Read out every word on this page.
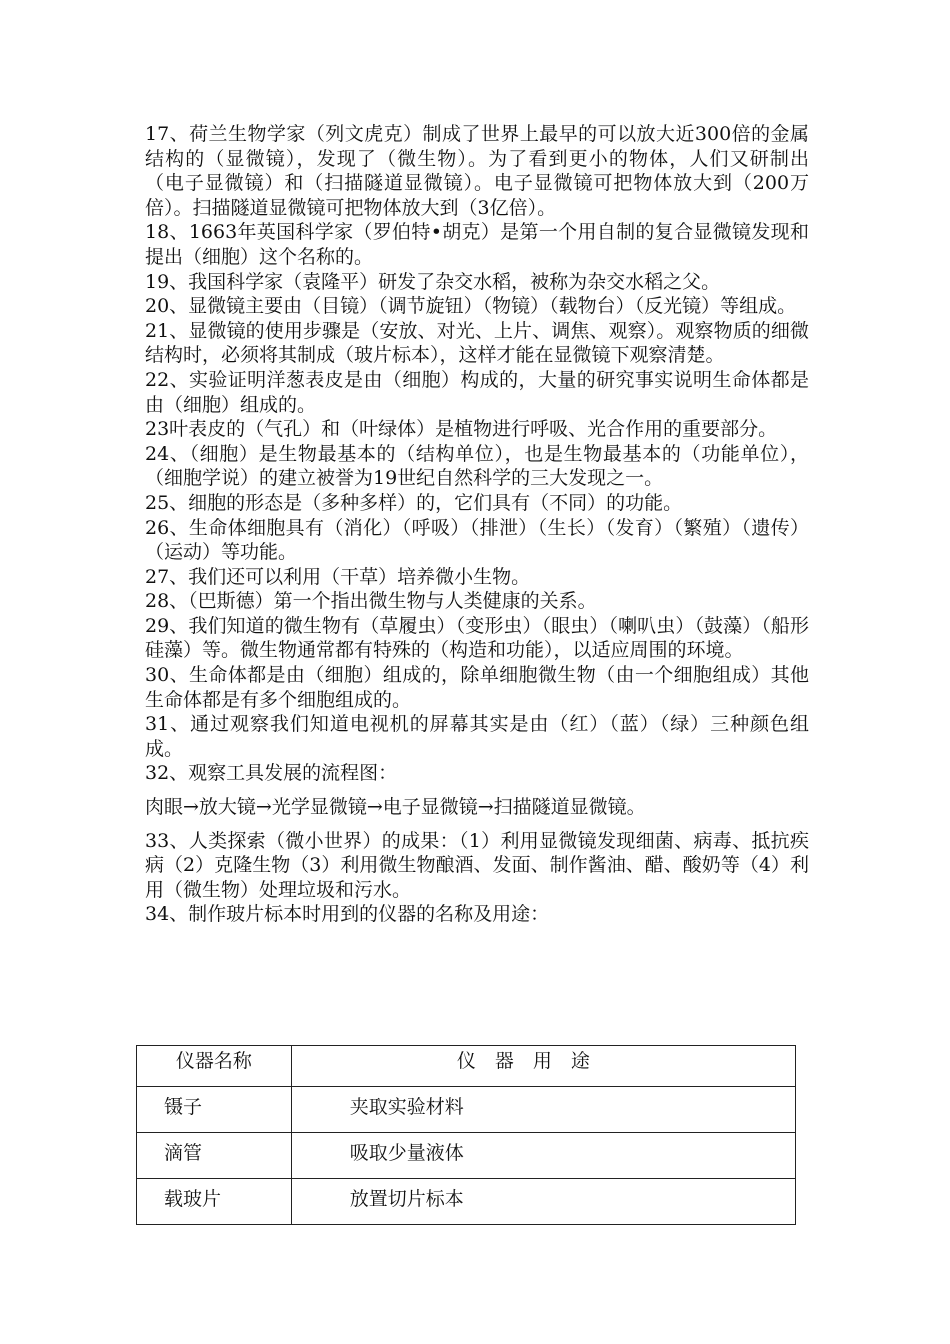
17、荷兰生物学家（列文虎克）制成了世界上最早的可以放大近300倍的金属结构的（显微镜），发现了（微生物）。为了看到更小的物体，人们又研制出（电子显微镜）和（扫描隧道显微镜）。电子显微镜可把物体放大到（200万倍）。扫描隧道显微镜可把物体放大到（3亿倍）。

18、1663年英国科学家（罗伯特•胡克）是第一个用自制的复合显微镜发现和提出（细胞）这个名称的。

19、我国科学家（袁隆平）研发了杂交水稻，被称为杂交水稻之父。

20、显微镜主要由（目镜）（调节旋钮）（物镜）（载物台）（反光镜）等组成。

21、显微镜的使用步骤是（安放、对光、上片、调焦、观察）。观察物质的细微结构时，必须将其制成（玻片标本），这样才能在显微镜下观察清楚。

22、实验证明洋葱表皮是由（细胞）构成的，大量的研究事实说明生命体都是由（细胞）组成的。

23叶表皮的（气孔）和（叶绿体）是植物进行呼吸、光合作用的重要部分。

24、（细胞）是生物最基本的（结构单位），也是生物最基本的（功能单位），（细胞学说）的建立被誉为19世纪自然科学的三大发现之一。

25、细胞的形态是（多种多样）的，它们具有（不同）的功能。

26、生命体细胞具有（消化）（呼吸）（排泄）（生长）（发育）（繁殖）（遗传）（运动）等功能。

27、我们还可以利用（干草）培养微小生物。

28、（巴斯德）第一个指出微生物与人类健康的关系。

29、我们知道的微生物有（草履虫）（变形虫）（眼虫）（喇叭虫）（鼓藻）（船形硅藻）等。微生物通常都有特殊的（构造和功能），以适应周围的环境。

30、生命体都是由（细胞）组成的，除单细胞微生物（由一个细胞组成）其他生命体都是有多个细胞组成的。

31、通过观察我们知道电视机的屏幕其实是由（红）（蓝）（绿）三种颜色组成。

32、观察工具发展的流程图：

肉眼→放大镜→光学显微镜→电子显微镜→扫描隧道显微镜。

33、人类探索（微小世界）的成果：（1）利用显微镜发现细菌、病毒、抵抗疾病（2）克隆生物（3）利用微生物酿酒、发面、制作酱油、醋、酸奶等（4）利用（微生物）处理垃圾和污水。

34、制作玻片标本时用到的仪器的名称及用途：

仪器名称	仪　器　用　途
镊子	夹取实验材料
滴管	吸取少量液体
载玻片	放置切片标本
